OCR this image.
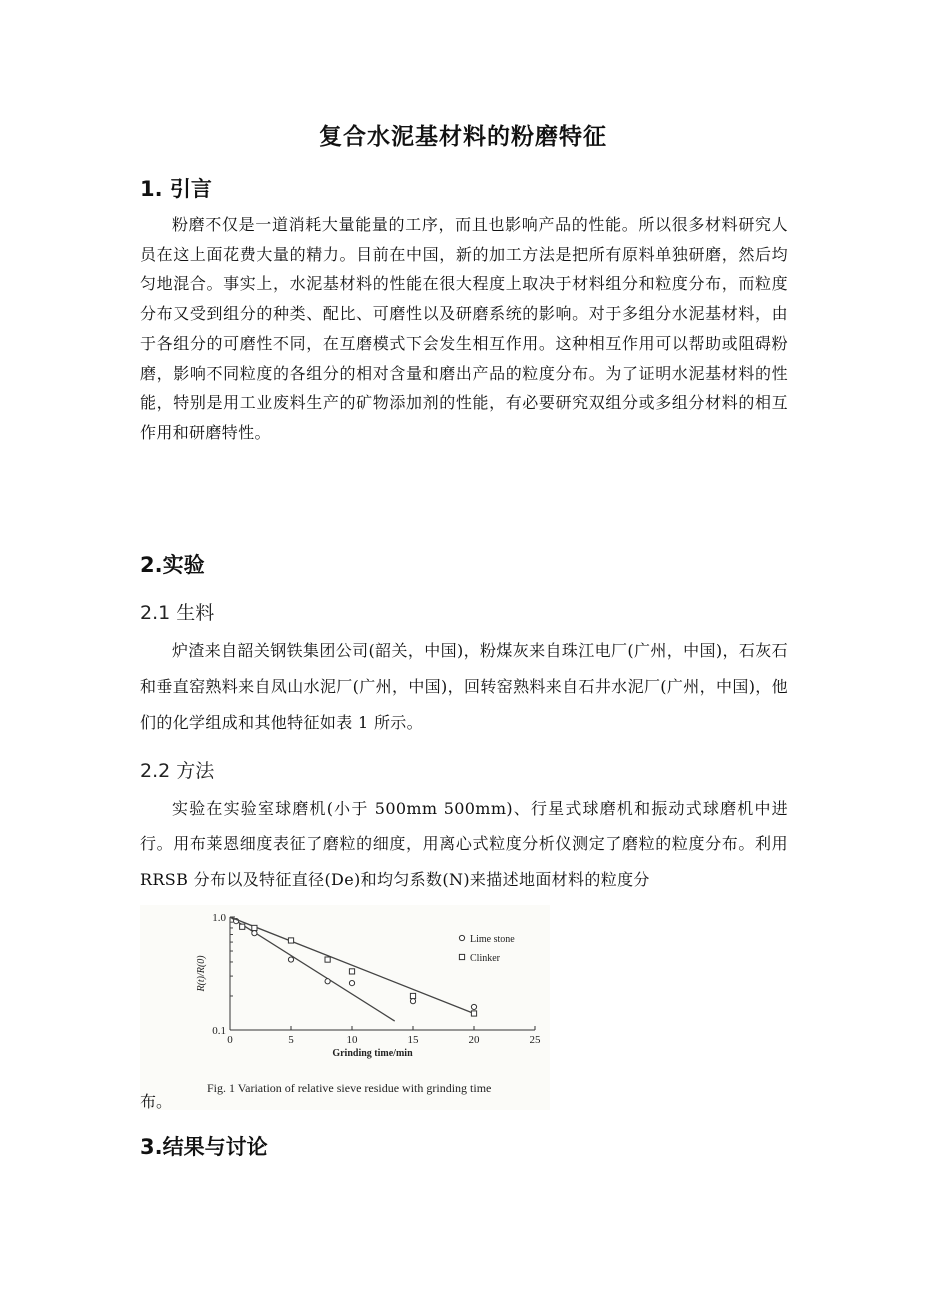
复合水泥基材料的粉磨特征
1. 引言
粉磨不仅是一道消耗大量能量的工序，而且也影响产品的性能。所以很多材料研究人员在这上面花费大量的精力。目前在中国，新的加工方法是把所有原料单独研磨，然后均匀地混合。事实上，水泥基材料的性能在很大程度上取决于材料组分和粒度分布，而粒度分布又受到组分的种类、配比、可磨性以及研磨系统的影响。对于多组分水泥基材料，由于各组分的可磨性不同，在互磨模式下会发生相互作用。这种相互作用可以帮助或阻碍粉磨，影响不同粒度的各组分的相对含量和磨出产品的粒度分布。为了证明水泥基材料的性能，特别是用工业废料生产的矿物添加剂的性能，有必要研究双组分或多组分材料的相互作用和研磨特性。
2.实验
2.1 生料
炉渣来自韶关钢铁集团公司(韶关，中国)，粉煤灰来自珠江电厂(广州，中国)，石灰石和垂直窑熟料来自凤山水泥厂(广州，中国)，回转窑熟料来自石井水泥厂(广州，中国)，他们的化学组成和其他特征如表 1 所示。
2.2 方法
实验在实验室球磨机(小于 500mm 500mm)、行星式球磨机和振动式球磨机中进行。用布莱恩细度表征了磨粒的细度，用离心式粒度分析仪测定了磨粒的粒度分布。利用 RRSB 分布以及特征直径(De)和均匀系数(N)来描述地面材料的粒度分
0	5	10	15	20	25
1.0
0.1
Grinding time/min
R(t)/R(0)
Lime stone
Clinker
Fig. 1 Variation of relative sieve residue with grinding time
布。
3.结果与讨论
